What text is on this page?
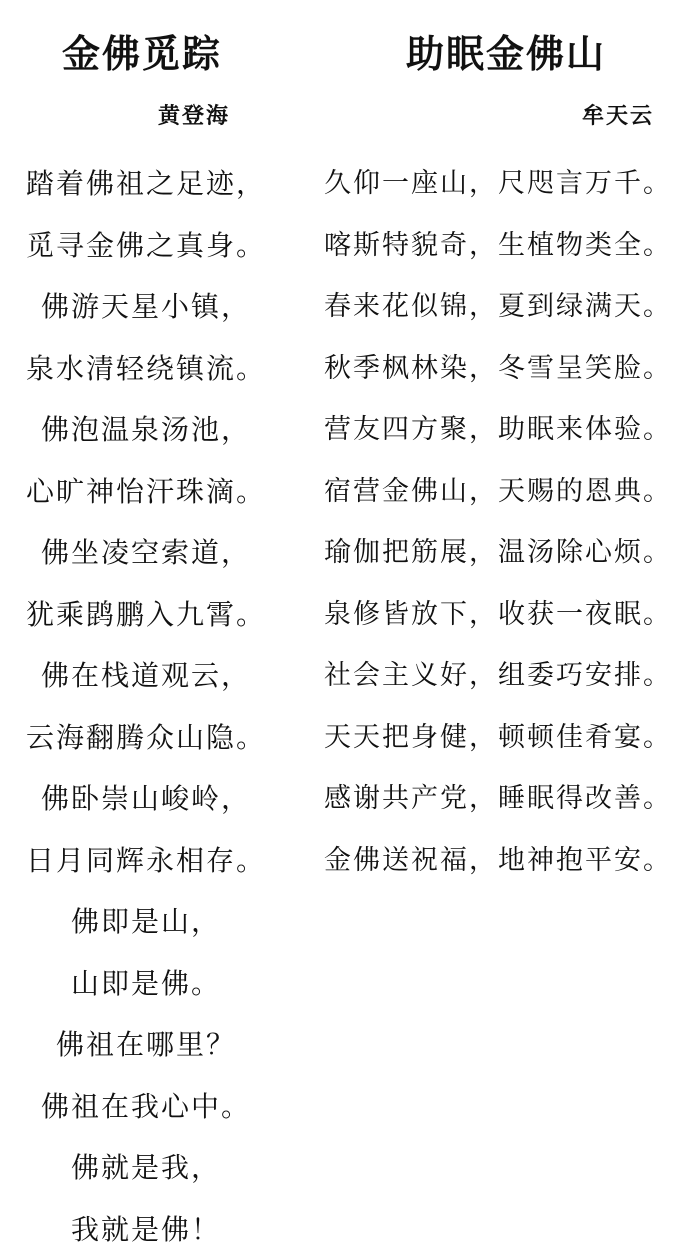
金佛觅踪
黄登海
踏着佛祖之足迹，
觅寻金佛之真身。
佛游天星小镇，
泉水清轻绕镇流。
佛泡温泉汤池，
心旷神怡汗珠滴。
佛坐凌空索道，
犹乘鹍鹏入九霄。
佛在栈道观云，
云海翻腾众山隐。
佛卧崇山峻岭，
日月同辉永相存。
佛即是山，
山即是佛。
佛祖在哪里？
佛祖在我心中。
佛就是我，
我就是佛！
助眠金佛山
牟天云
久仰一座山，尺咫言万千。
喀斯特貌奇，生植物类全。
春来花似锦，夏到绿满天。
秋季枫林染，冬雪呈笑脸。
营友四方聚，助眠来体验。
宿营金佛山，天赐的恩典。
瑜伽把筋展，温汤除心烦。
泉修皆放下，收获一夜眠。
社会主义好，组委巧安排。
天天把身健，顿顿佳肴宴。
感谢共产党，睡眠得改善。
金佛送祝福，地神抱平安。
